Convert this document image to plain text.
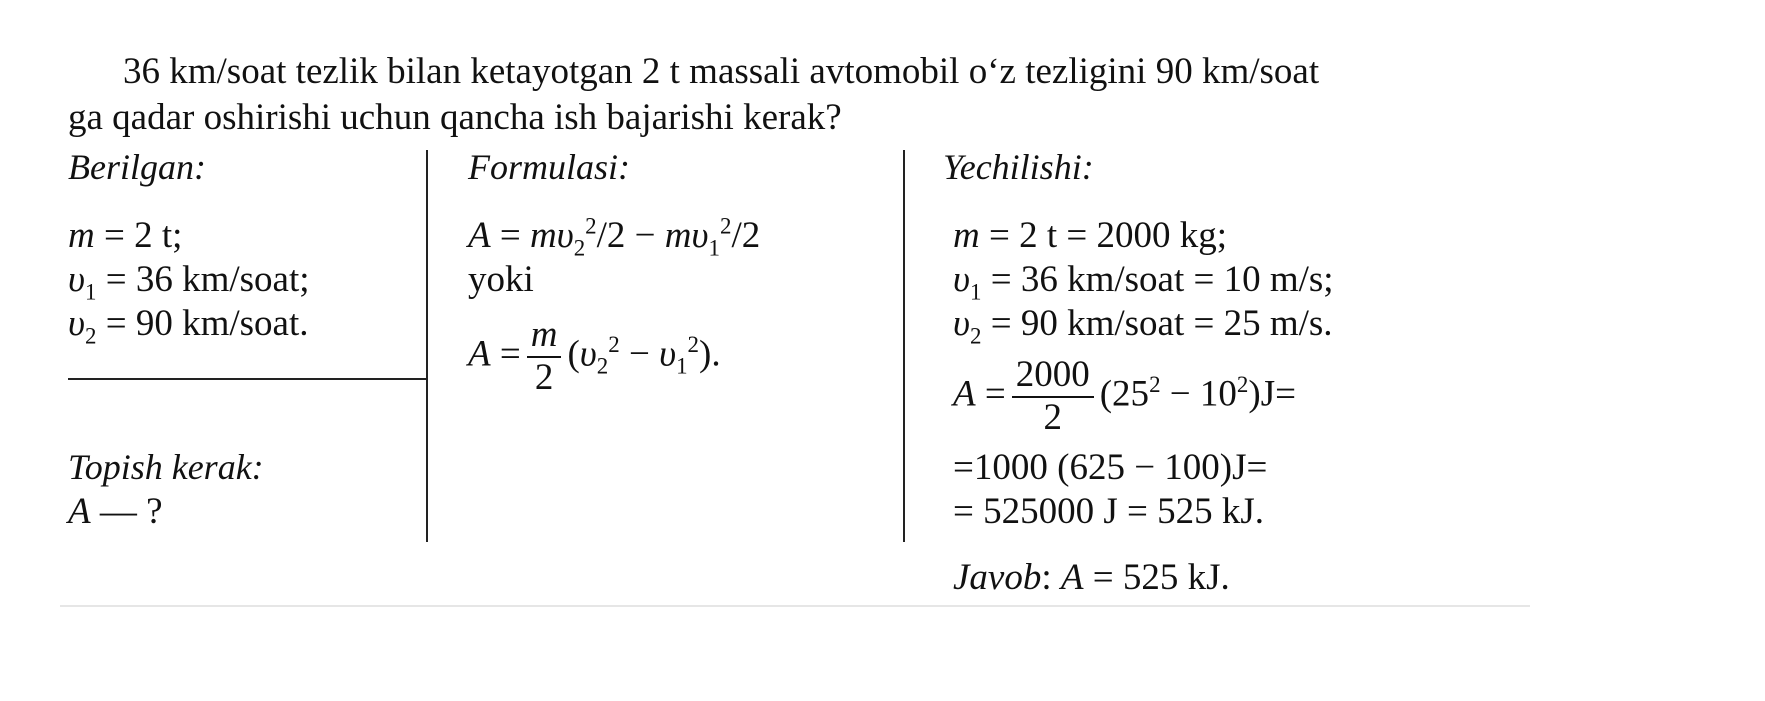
36 km/soat tezlik bilan ketayotgan 2 t massali avtomobil o‘z tezligini 90 km/soat
ga qadar oshirishi uchun qancha ish bajarishi kerak?
Berilgan:
m = 2 t;
$\upsilon_1 = 36$ km/soat;
$\upsilon_2 = 90$ km/soat.
Topish kerak:
A — ?
Formulasi:
$A = m\upsilon_2^2/2 - m\upsilon_1^2/2$
yoki
$A = \frac{m}{2} (\upsilon_2^2 - \upsilon_1^2)$.
Yechilishi:
m = 2 t = 2000 kg;
$\upsilon_1 = 36$ km/soat = 10 m/s;
$\upsilon_2 = 90$ km/soat = 25 m/s.
$A = \frac{2000}{2} (25^2 - 10^2)J=$
=1000 (625 − 100)J=
= 525000 J = 525 kJ.
Javob: A = 525 kJ.
